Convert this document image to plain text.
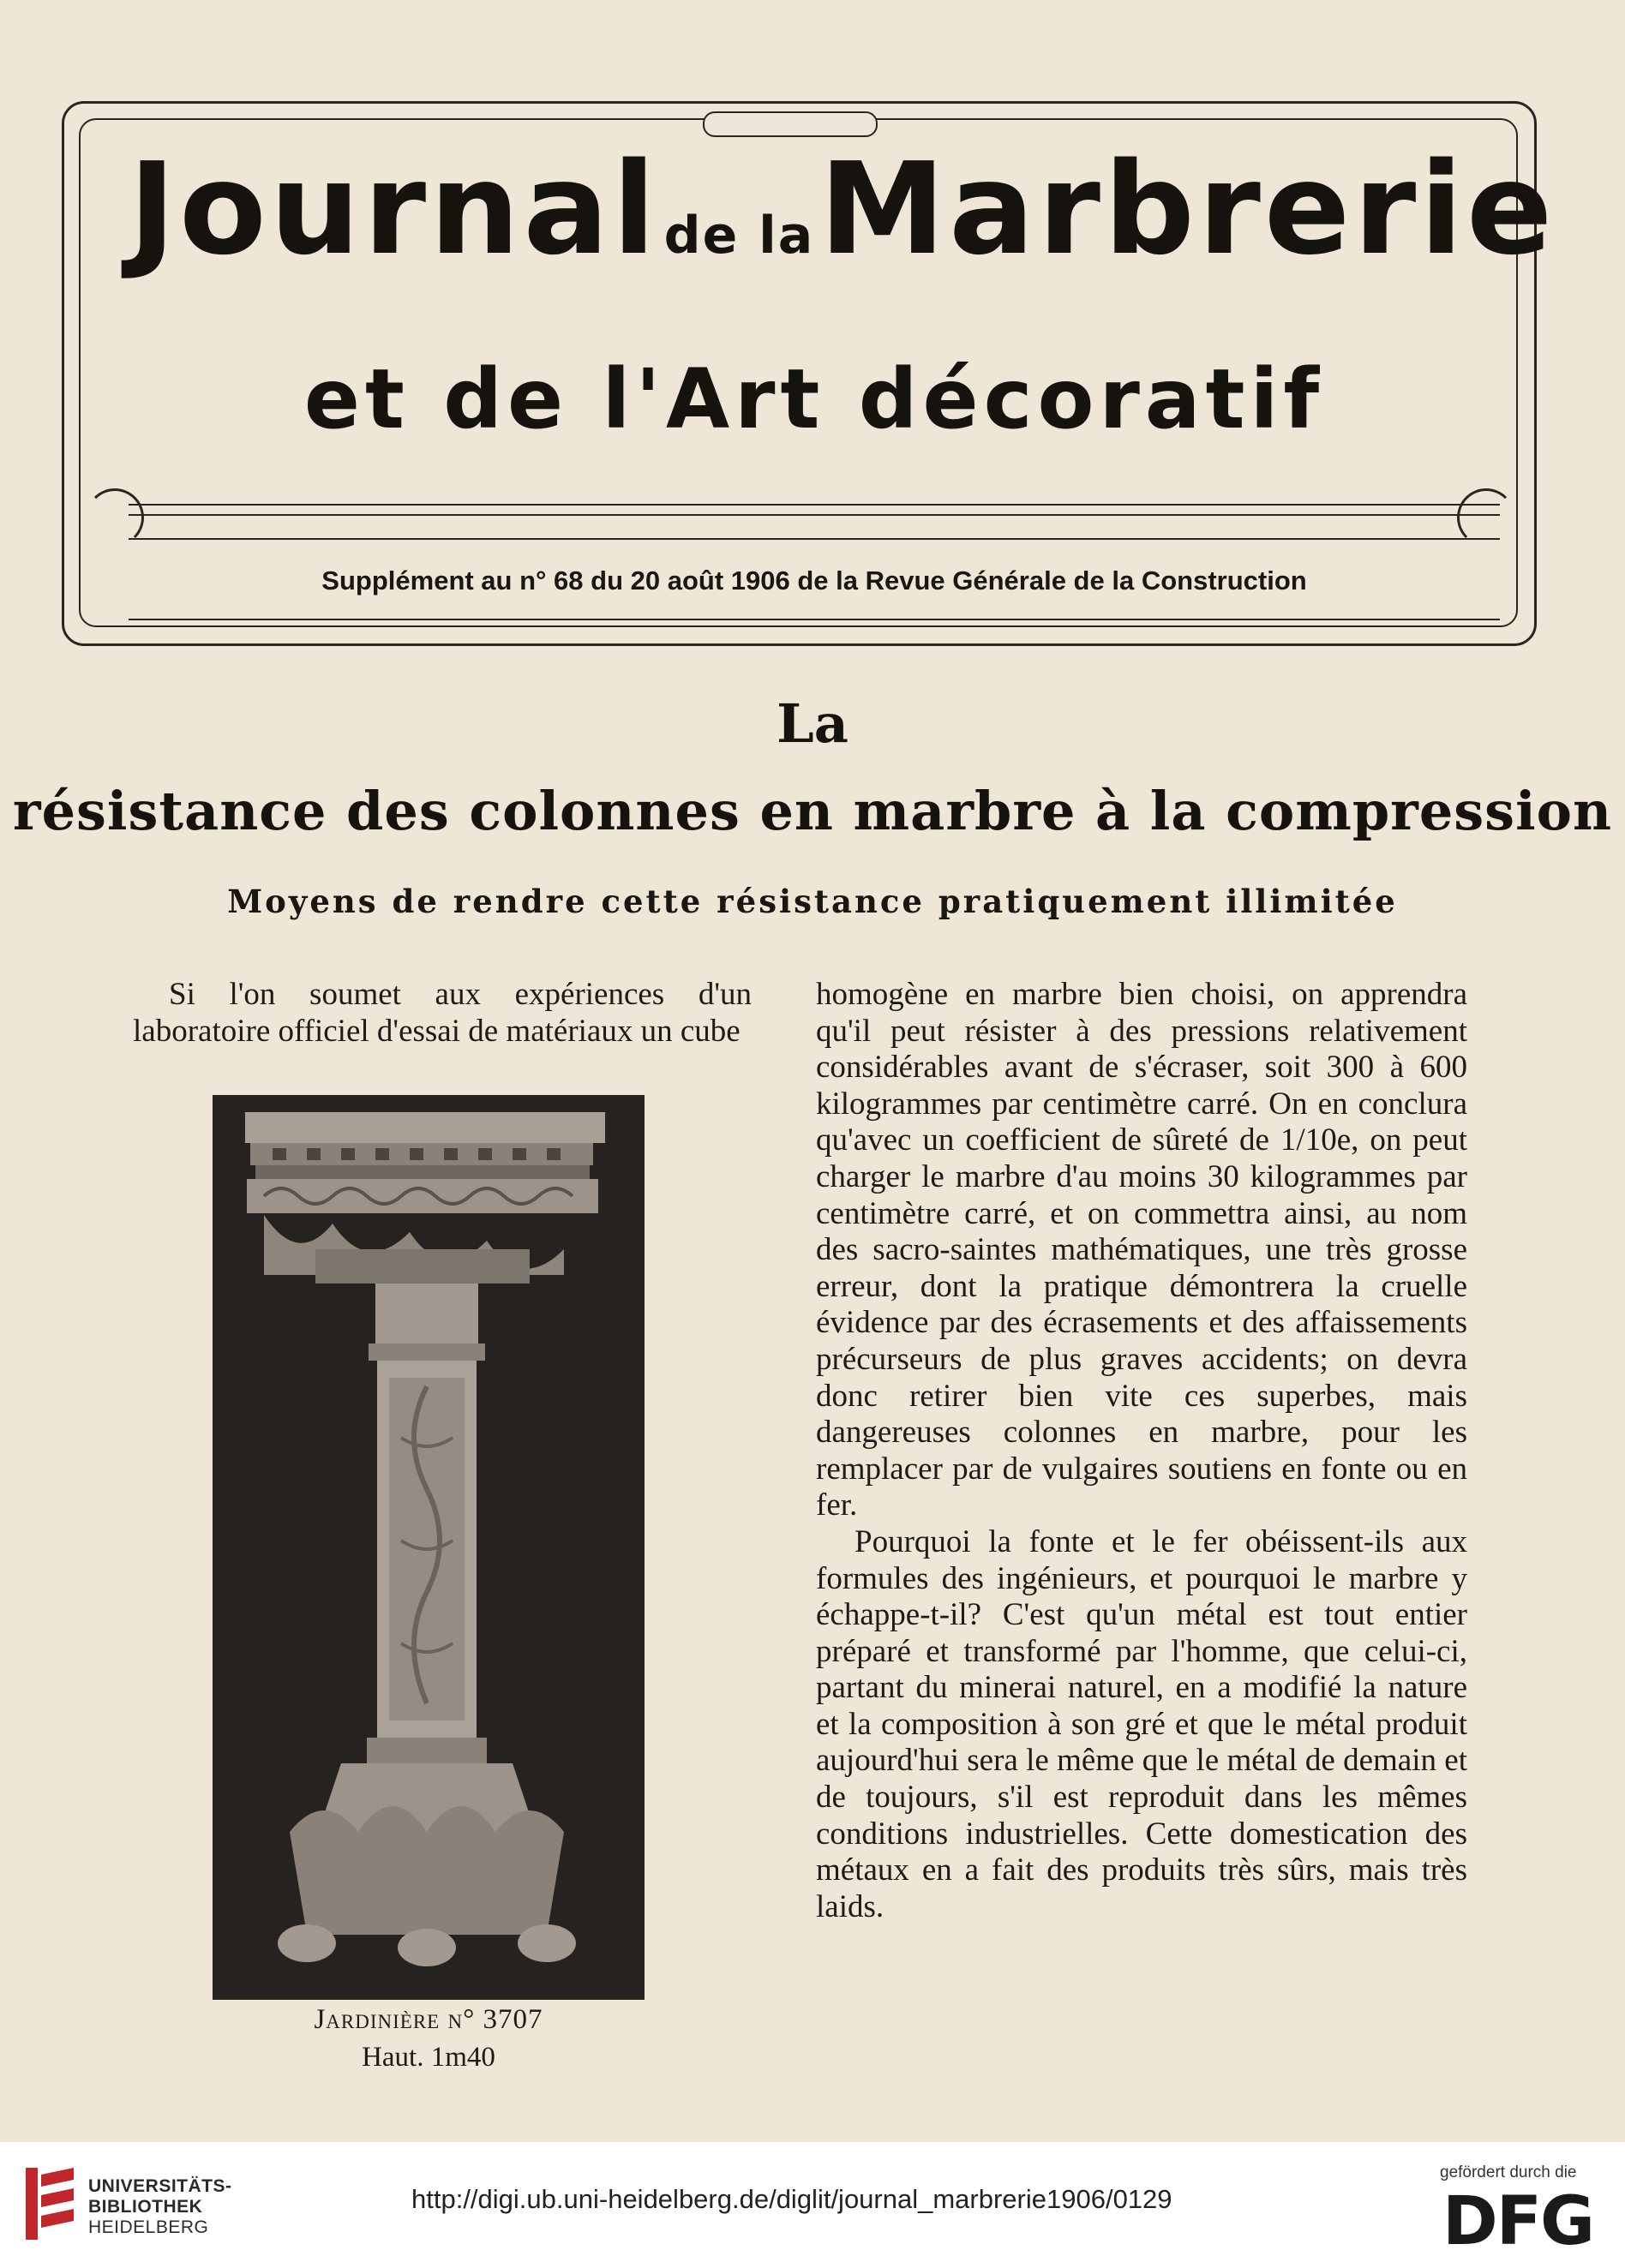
Journal de la Marbrerie
et de l'Art décoratif
Supplément au n° 68 du 20 août 1906 de la Revue Générale de la Construction
La
résistance des colonnes en marbre à la compression
Moyens de rendre cette résistance pratiquement illimitée

Si l'on soumet aux expériences d'un laboratoire officiel d'essai de matériaux un cube

Jardinière n° 3707
Haut. 1m40

homogène en marbre bien choisi, on apprendra qu'il peut résister à des pressions relativement considérables avant de s'écraser, soit 300 à 600 kilogrammes par centimètre carré. On en conclura qu'avec un coefficient de sûreté de 1/10e, on peut charger le marbre d'au moins 30 kilogrammes par centimètre carré, et on commettra ainsi, au nom des sacro-saintes mathématiques, une très grosse erreur, dont la pratique démontrera la cruelle évidence par des écrasements et des affaissements précurseurs de plus graves accidents; on devra donc retirer bien vite ces superbes, mais dangereuses colonnes en marbre, pour les remplacer par de vulgaires soutiens en fonte ou en fer.

Pourquoi la fonte et le fer obéissent-ils aux formules des ingénieurs, et pourquoi le marbre y échappe-t-il? C'est qu'un métal est tout entier préparé et transformé par l'homme, que celui-ci, partant du minerai naturel, en a modifié la nature et la composition à son gré et que le métal produit aujourd'hui sera le même que le métal de demain et de toujours, s'il est reproduit dans les mêmes conditions industrielles. Cette domestication des métaux en a fait des produits très sûrs, mais très laids.

UNIVERSITÄTS-
BIBLIOTHEK
HEIDELBERG
http://digi.ub.uni-heidelberg.de/diglit/journal_marbrerie1906/0129
gefördert durch die
DFG
